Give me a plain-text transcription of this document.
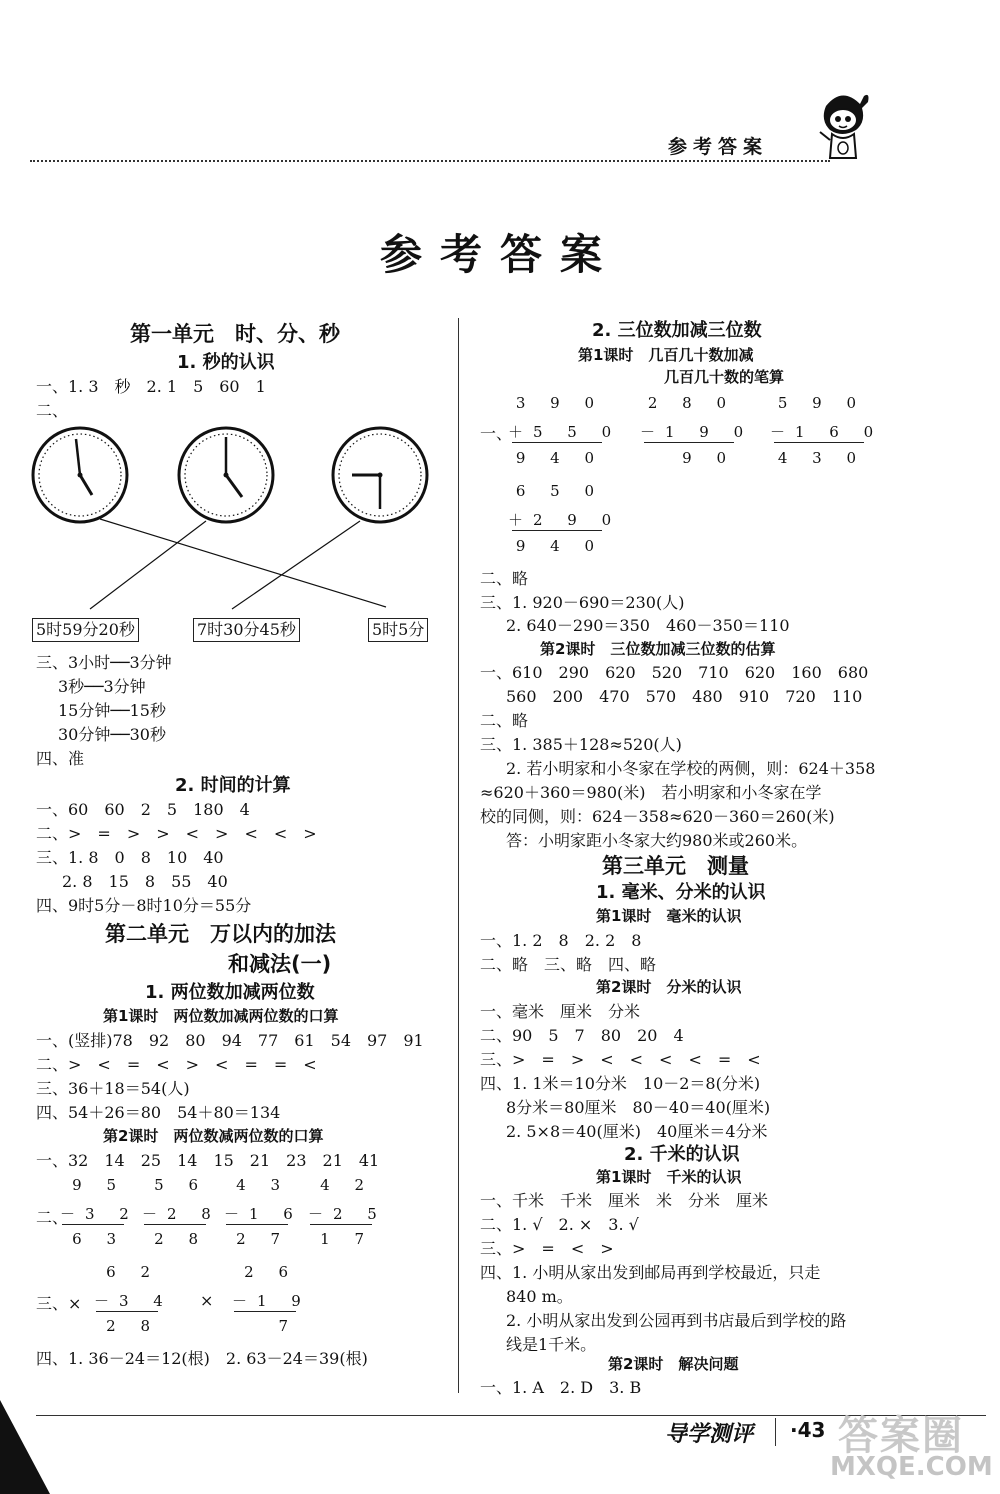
参考答案
参考答案
第一单元　时、分、秒
1. 秒的认识
一、1. 3　秒　2. 1　5　60　1
二、
5时59分20秒	7时30分45秒	5时5分
三、3小时──3分钟
3秒──3分钟
15分钟──15秒
30分钟──30秒
四、准
2. 时间的计算
一、60　60　2　5　180　4
二、>　=　>　>　<　>　<　<　>
三、1. 8　0　8　10　40
2. 8　15　8　55　40
四、9时5分－8时10分＝55分
第二单元　万以内的加法
和减法(一)
1. 两位数加减两位数
第1课时　两位数加减两位数的口算
一、(竖排)78　92　80　94　77　61　54　97　91
二、>　<　=　<　>　<　=　=　<
三、36＋18＝54(人)
四、54＋26＝80　54＋80＝134
第2课时　两位数减两位数的口算
一、32　14　25　14　15　21　23　21　41
二、
9 5
－3 2
6 3
5 6
－2 8
2 8
4 3
－1 6
2 7
4 2
－2 5
1 7
三、×
6 2
－3 4
2 8
×
2 6
－1 9
7
四、1. 36－24＝12(根)　2. 63－24＝39(根)
2. 三位数加减三位数
第1课时　几百几十数加减
几百几十数的笔算
一、
3 9 0
＋5 5 0
9 4 0
2 8 0
－1 9 0
9 0
5 9 0
－1 6 0
4 3 0
6 5 0
＋2 9 0
9 4 0
二、略
三、1. 920－690＝230(人)
2. 640－290＝350　460－350＝110
第2课时　三位数加减三位数的估算
一、610　290　620　520　710　620　160　680
560　200　470　570　480　910　720　110
二、略
三、1. 385＋128≈520(人)
2. 若小明家和小冬家在学校的两侧，则：624＋358
≈620＋360＝980(米)　若小明家和小冬家在学
校的同侧，则：624－358≈620－360＝260(米)
答：小明家距小冬家大约980米或260米。
第三单元　测量
1. 毫米、分米的认识
第1课时　毫米的认识
一、1. 2　8　2. 2　8
二、略　三、略　四、略
第2课时　分米的认识
一、毫米　厘米　分米
二、90　5　7　80　20　4
三、>　=　>　<　<　<　<　=　<
四、1. 1米＝10分米　10－2＝8(分米)
8分米＝80厘米　80－40＝40(厘米)
2. 5×8＝40(厘米)　40厘米＝4分米
2. 千米的认识
第1课时　千米的认识
一、千米　千米　厘米　米　分米　厘米
二、1. √　2. ×　3. √
三、>　=　<　>
四、1. 小明从家出发到邮局再到学校最近，只走
840 m。
2. 小明从家出发到公园再到书店最后到学校的路
线是1千米。
第2课时　解决问题
一、1. A　2. D　3. B
导学测评 ·43 答案圈
MXQE.COM
